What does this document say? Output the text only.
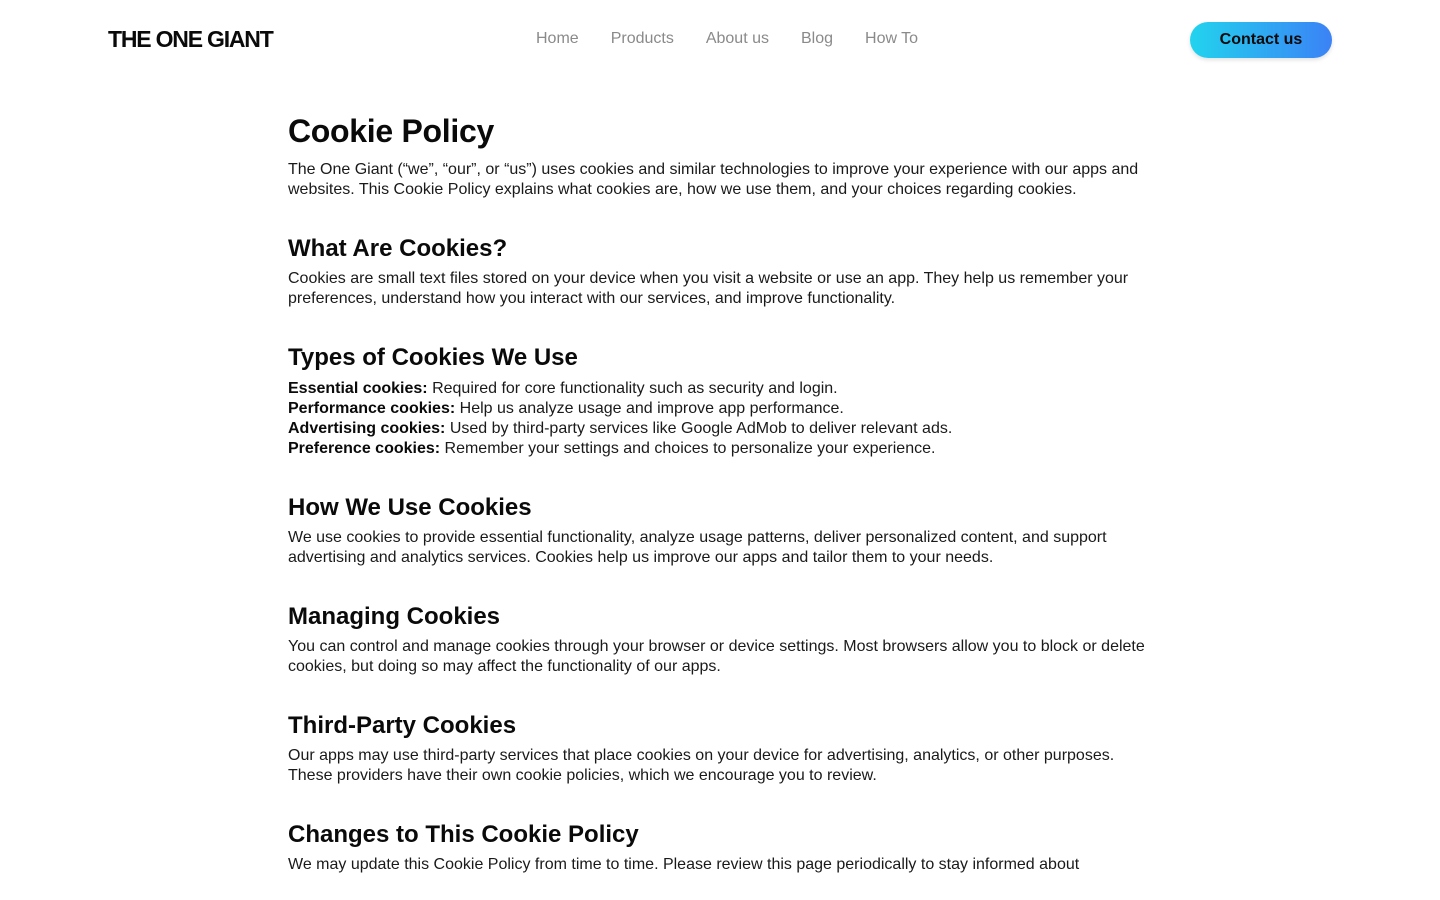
THE ONE GIANT	Home Products About us Blog How To	Contact us
Cookie Policy

The One Giant (“we”, “our”, or “us”) uses cookies and similar technologies to improve your experience with our apps and websites. This Cookie Policy explains what cookies are, how we use them, and your choices regarding cookies.

What Are Cookies?

Cookies are small text files stored on your device when you visit a website or use an app. They help us remember your preferences, understand how you interact with our services, and improve functionality.

Types of Cookies We Use
Essential cookies: Required for core functionality such as security and login.
Performance cookies: Help us analyze usage and improve app performance.
Advertising cookies: Used by third-party services like Google AdMob to deliver relevant ads.
Preference cookies: Remember your settings and choices to personalize your experience.
How We Use Cookies

We use cookies to provide essential functionality, analyze usage patterns, deliver personalized content, and support advertising and analytics services. Cookies help us improve our apps and tailor them to your needs.

Managing Cookies

You can control and manage cookies through your browser or device settings. Most browsers allow you to block or delete cookies, but doing so may affect the functionality of our apps.

Third-Party Cookies

Our apps may use third-party services that place cookies on your device for advertising, analytics, or other purposes. These providers have their own cookie policies, which we encourage you to review.

Changes to This Cookie Policy

We may update this Cookie Policy from time to time. Please review this page periodically to stay informed about
